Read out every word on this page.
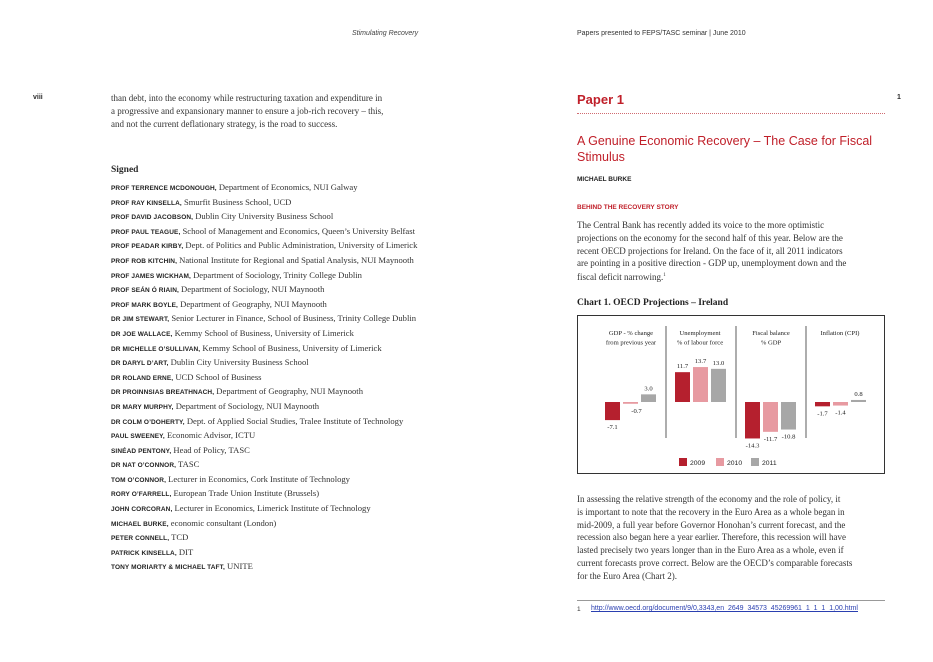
Stimulating Recovery
viii	than debt, into the economy while restructuring taxation and expenditure in
a progressive and expansionary manner to ensure a job-rich recovery – this,
and not the current deflationary strategy, is the road to success.
Signed
PROF TERRENCE MCDONOUGH, Department of Economics, NUI Galway
PROF RAY KINSELLA, Smurfit Business School, UCD
PROF DAVID JACOBSON, Dublin City University Business School
PROF PAUL TEAGUE, School of Management and Economics, Queen’s University Belfast
PROF PEADAR KIRBY, Dept. of Politics and Public Administration, University of Limerick
PROF ROB KITCHIN, National Institute for Regional and Spatial Analysis, NUI Maynooth
PROF JAMES WICKHAM, Department of Sociology, Trinity College Dublin
PROF SEÁN Ó RIAIN, Department of Sociology, NUI Maynooth
PROF MARK BOYLE, Department of Geography, NUI Maynooth
DR JIM STEWART, Senior Lecturer in Finance, School of Business, Trinity College Dublin
DR JOE WALLACE, Kemmy School of Business, University of Limerick
DR MICHELLE O’SULLIVAN, Kemmy School of Business, University of Limerick
DR DARYL D’ART, Dublin City University Business School
DR ROLAND ERNE, UCD School of Business
DR PROINNSIAS BREATHNACH, Department of Geography, NUI Maynooth
DR MARY MURPHY, Department of Sociology, NUI Maynooth
DR COLM O’DOHERTY, Dept. of Applied Social Studies, Tralee Institute of Technology
PAUL SWEENEY, Economic Advisor, ICTU
SINÉAD PENTONY, Head of Policy, TASC
DR NAT O’CONNOR, TASC
TOM O’CONNOR, Lecturer in Economics, Cork Institute of Technology
RORY O’FARRELL, European Trade Union Institute (Brussels)
JOHN CORCORAN, Lecturer in Economics, Limerick Institute of Technology
MICHAEL BURKE, economic consultant (London)
PETER CONNELL, TCD
PATRICK KINSELLA, DIT
TONY MORIARTY & MICHAEL TAFT, UNITE
Papers presented to FEPS/TASC seminar | June 2010
1
Paper 1
A Genuine Economic Recovery – The Case for Fiscal
Stimulus
MICHAEL BURKE
BEHIND THE RECOVERY STORY
The Central Bank has recently added its voice to the more optimistic
projections on the economy for the second half of this year. Below are the
recent OECD projections for Ireland. On the face of it, all 2011 indicators
are pointing in a positive direction - GDP up, unemployment down and the
fiscal deficit narrowing.$^1$
Chart 1. OECD Projections – Ireland
GDP - % change
from previous year
-7.1
-0.7
3.0
Unemployment
% of labour force
11.7
13.7 13.0
Fiscal balance
% GDP
-14.3
-11.7 -10.8
Inflation (CPI)
-1.7 -1.4
0.8
2009	2010	2011
In assessing the relative strength of the economy and the role of policy, it
is important to note that the recovery in the Euro Area as a whole began in
mid-2009, a full year before Governor Honohan’s current forecast, and the
recession also began here a year earlier. Therefore, this recession will have
lasted precisely two years longer than in the Euro Area as a whole, even if
current forecasts prove correct. Below are the OECD’s comparable forecasts
for the Euro Area (Chart 2).
1 http://www.oecd.org/document/9/0,3343,en_2649_34573_45269961_1_1_1_1,00.html
